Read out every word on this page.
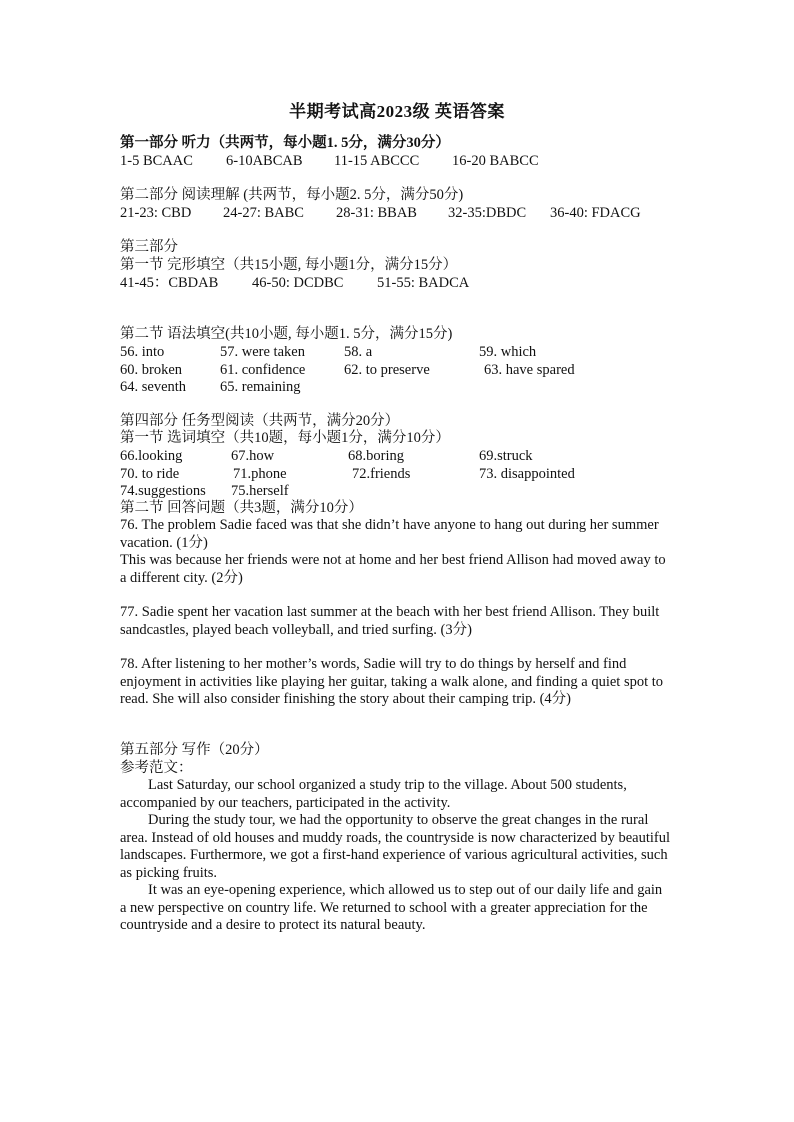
半期考试高2023级 英语答案
第一部分 听力（共两节，每小题1. 5分，满分30分）
1-5 BCAAC 6-10ABCAB 11-15 ABCCC 16-20 BABCC
第二部分 阅读理解 (共两节，每小题2. 5分，满分50分)
21-23: CBD 24-27: BABC 28-31: BBAB 32-35:DBDC 36-40: FDACG
第三部分
第一节 完形填空（共15小题, 每小题1分，满分15分）
41-45：CBDAB 46-50: DCDBC 51-55: BADCA
第二节 语法填空(共10小题, 每小题1. 5分，满分15分)
56. into	57. were taken	58. a	59. which
60. broken	61. confidence	62. to preserve	63. have spared
64. seventh 65. remaining
第四部分 任务型阅读（共两节，满分20分）
第一节 选词填空（共10题，每小题1分，满分10分）
66.looking	67.how	68.boring	69.struck
70. to ride	71.phone	72.friends	73. disappointed
74.suggestions 75.herself
第二节 回答问题（共3题，满分10分）
76. The problem Sadie faced was that she didn’t have anyone to hang out during her summer vacation. (1分)
This was because her friends were not at home and her best friend Allison had moved away to a different city. (2分)
77. Sadie spent her vacation last summer at the beach with her best friend Allison. They built sandcastles, played beach volleyball, and tried surfing. (3分)
78. After listening to her mother’s words, Sadie will try to do things by herself and find enjoyment in activities like playing her guitar, taking a walk alone, and finding a quiet spot to read. She will also consider finishing the story about their camping trip. (4分)
第五部分 写作（20分）
参考范文：
Last Saturday, our school organized a study trip to the village. About 500 students, accompanied by our teachers, participated in the activity.
During the study tour, we had the opportunity to observe the great changes in the rural area. Instead of old houses and muddy roads, the countryside is now characterized by beautiful landscapes. Furthermore, we got a first-hand experience of various agricultural activities, such as picking fruits.
It was an eye-opening experience, which allowed us to step out of our daily life and gain a new perspective on country life. We returned to school with a greater appreciation for the countryside and a desire to protect its natural beauty.
